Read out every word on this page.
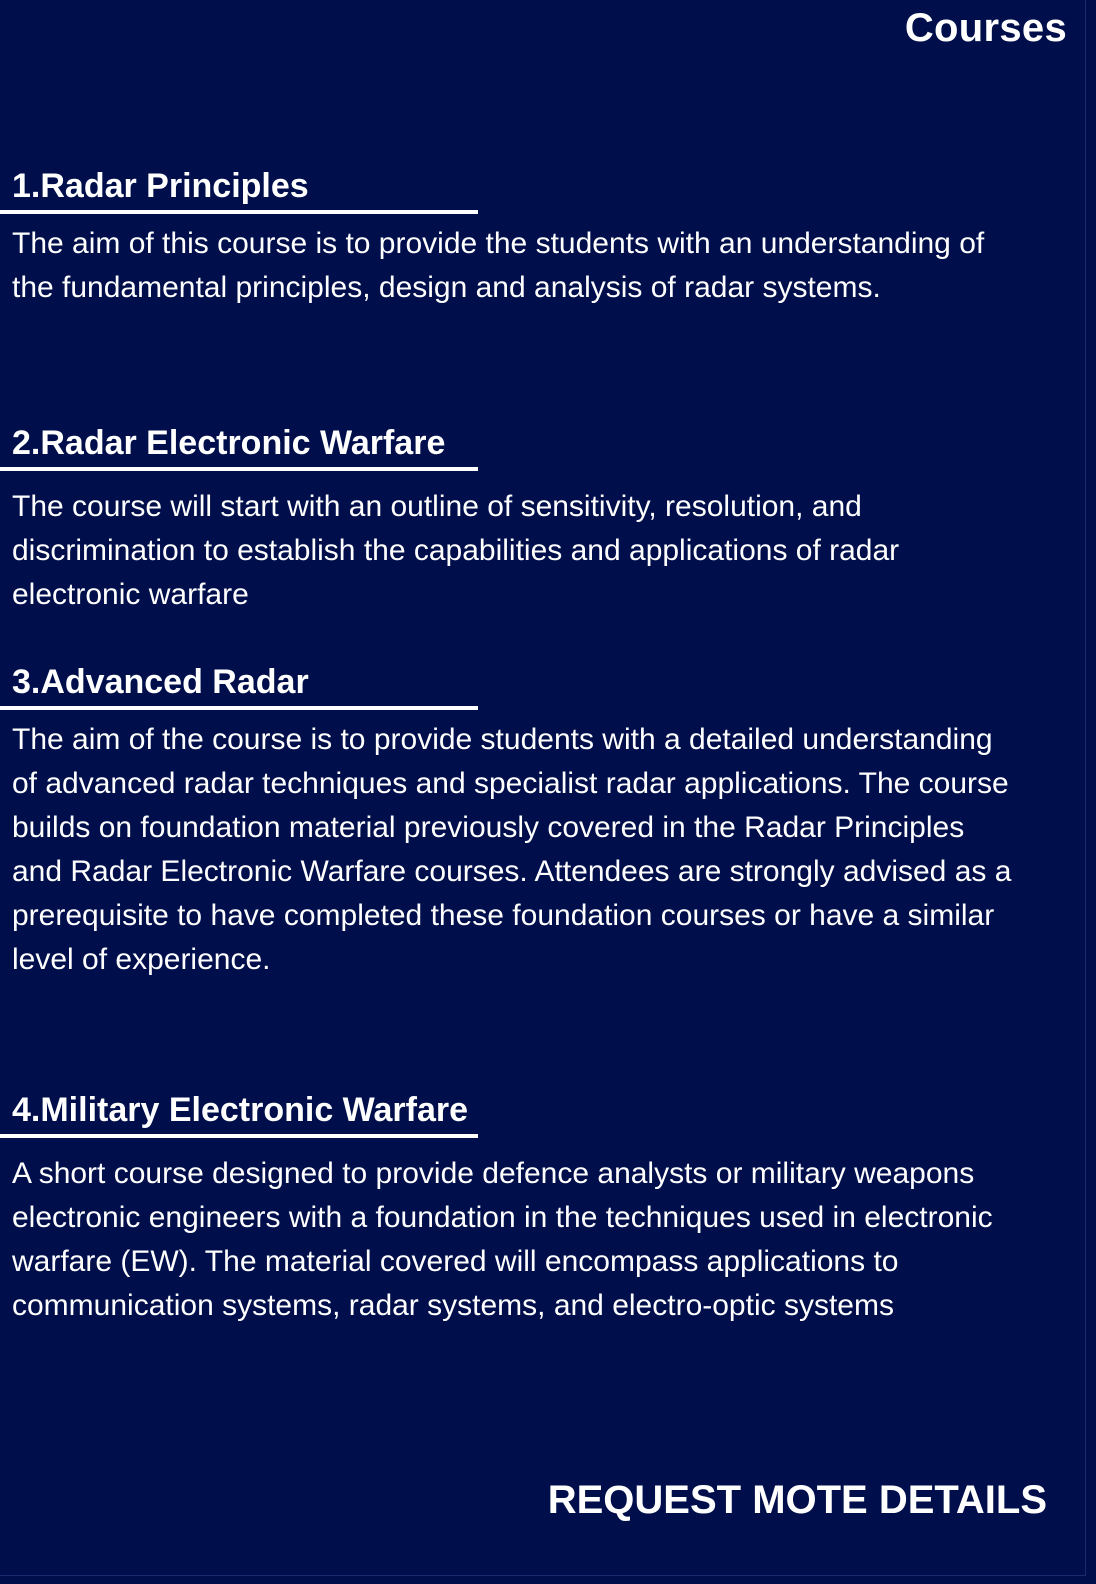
Courses
1.Radar Principles
The aim of this course is to provide the students with an understanding of the fundamental principles, design and analysis of radar systems.
2.Radar Electronic Warfare
The course will start with an outline of sensitivity, resolution, and discrimination to establish the capabilities and applications of radar electronic warfare
3.Advanced Radar
The aim of the course is to provide students with a detailed understanding of advanced radar techniques and specialist radar applications. The course builds on foundation material previously covered in the Radar Principles and Radar Electronic Warfare courses. Attendees are strongly advised as a prerequisite to have completed these foundation courses or have a similar level of experience.
4.Military Electronic Warfare
A short course designed to provide defence analysts or military weapons electronic engineers with a foundation in the techniques used in electronic warfare (EW). The material covered will encompass applications to communication systems, radar systems, and electro-optic systems
REQUEST MOTE DETAILS
